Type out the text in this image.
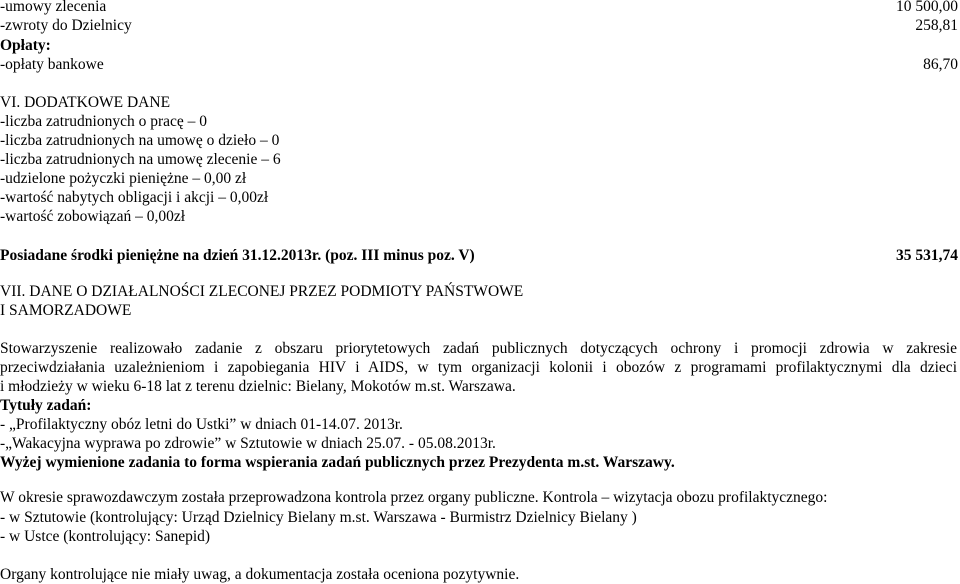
-umowy zlecenia	10 500,00
-zwroty do Dzielnicy	258,81
Opłaty:
-opłaty bankowe	86,70
VI. DODATKOWE DANE
-liczba zatrudnionych o pracę – 0
-liczba zatrudnionych na umowę o dzieło – 0
-liczba zatrudnionych na umowę zlecenie – 6
-udzielone pożyczki pieniężne – 0,00 zł
-wartość nabytych obligacji i akcji – 0,00zł
-wartość zobowiązań – 0,00zł
Posiadane środki pieniężne na dzień 31.12.2013r. (poz. III minus poz. V)	35 531,74
VII. DANE O DZIAŁALNOŚCI ZLECONEJ PRZEZ PODMIOTY PAŃSTWOWE
I SAMORZADOWE
Stowarzyszenie realizowało zadanie z obszaru priorytetowych zadań publicznych dotyczących ochrony i promocji zdrowia w zakresie
przeciwdziałania uzależnieniom i zapobiegania HIV i AIDS, w tym organizacji kolonii i obozów z programami profilaktycznymi dla dzieci
i młodzieży w wieku 6-18 lat z terenu dzielnic: Bielany, Mokotów m.st. Warszawa.
Tytuły zadań:
- „Profilaktyczny obóz letni do Ustki” w dniach 01-14.07. 2013r.
-„Wakacyjna wyprawa po zdrowie” w Sztutowie w dniach 25.07. - 05.08.2013r.
Wyżej wymienione zadania to forma wspierania zadań publicznych przez Prezydenta m.st. Warszawy.
W okresie sprawozdawczym została przeprowadzona kontrola przez organy publiczne. Kontrola – wizytacja obozu profilaktycznego:
- w Sztutowie (kontrolujący: Urząd Dzielnicy Bielany m.st. Warszawa - Burmistrz Dzielnicy Bielany )
- w Ustce (kontrolujący: Sanepid)
Organy kontrolujące nie miały uwag, a dokumentacja została oceniona pozytywnie.
